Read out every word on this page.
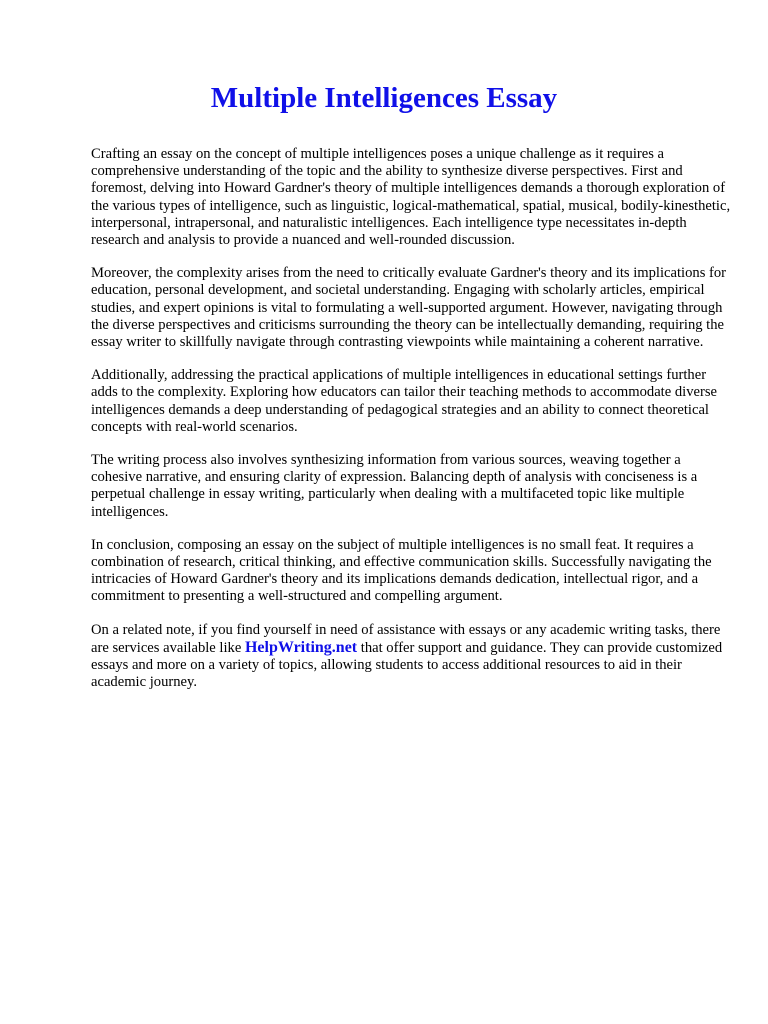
Multiple Intelligences Essay

Crafting an essay on the concept of multiple intelligences poses a unique challenge as it requires a comprehensive understanding of the topic and the ability to synthesize diverse perspectives. First and foremost, delving into Howard Gardner's theory of multiple intelligences demands a thorough exploration of the various types of intelligence, such as linguistic, logical-mathematical, spatial, musical, bodily-kinesthetic, interpersonal, intrapersonal, and naturalistic intelligences. Each intelligence type necessitates in-depth research and analysis to provide a nuanced and well-rounded discussion.

Moreover, the complexity arises from the need to critically evaluate Gardner's theory and its implications for education, personal development, and societal understanding. Engaging with scholarly articles, empirical studies, and expert opinions is vital to formulating a well-supported argument. However, navigating through the diverse perspectives and criticisms surrounding the theory can be intellectually demanding, requiring the essay writer to skillfully navigate through contrasting viewpoints while maintaining a coherent narrative.

Additionally, addressing the practical applications of multiple intelligences in educational settings further adds to the complexity. Exploring how educators can tailor their teaching methods to accommodate diverse intelligences demands a deep understanding of pedagogical strategies and an ability to connect theoretical concepts with real-world scenarios.

The writing process also involves synthesizing information from various sources, weaving together a cohesive narrative, and ensuring clarity of expression. Balancing depth of analysis with conciseness is a perpetual challenge in essay writing, particularly when dealing with a multifaceted topic like multiple intelligences.

In conclusion, composing an essay on the subject of multiple intelligences is no small feat. It requires a combination of research, critical thinking, and effective communication skills. Successfully navigating the intricacies of Howard Gardner's theory and its implications demands dedication, intellectual rigor, and a commitment to presenting a well-structured and compelling argument.

On a related note, if you find yourself in need of assistance with essays or any academic writing tasks, there are services available like HelpWriting.net that offer support and guidance. They can provide customized essays and more on a variety of topics, allowing students to access additional resources to aid in their academic journey.
